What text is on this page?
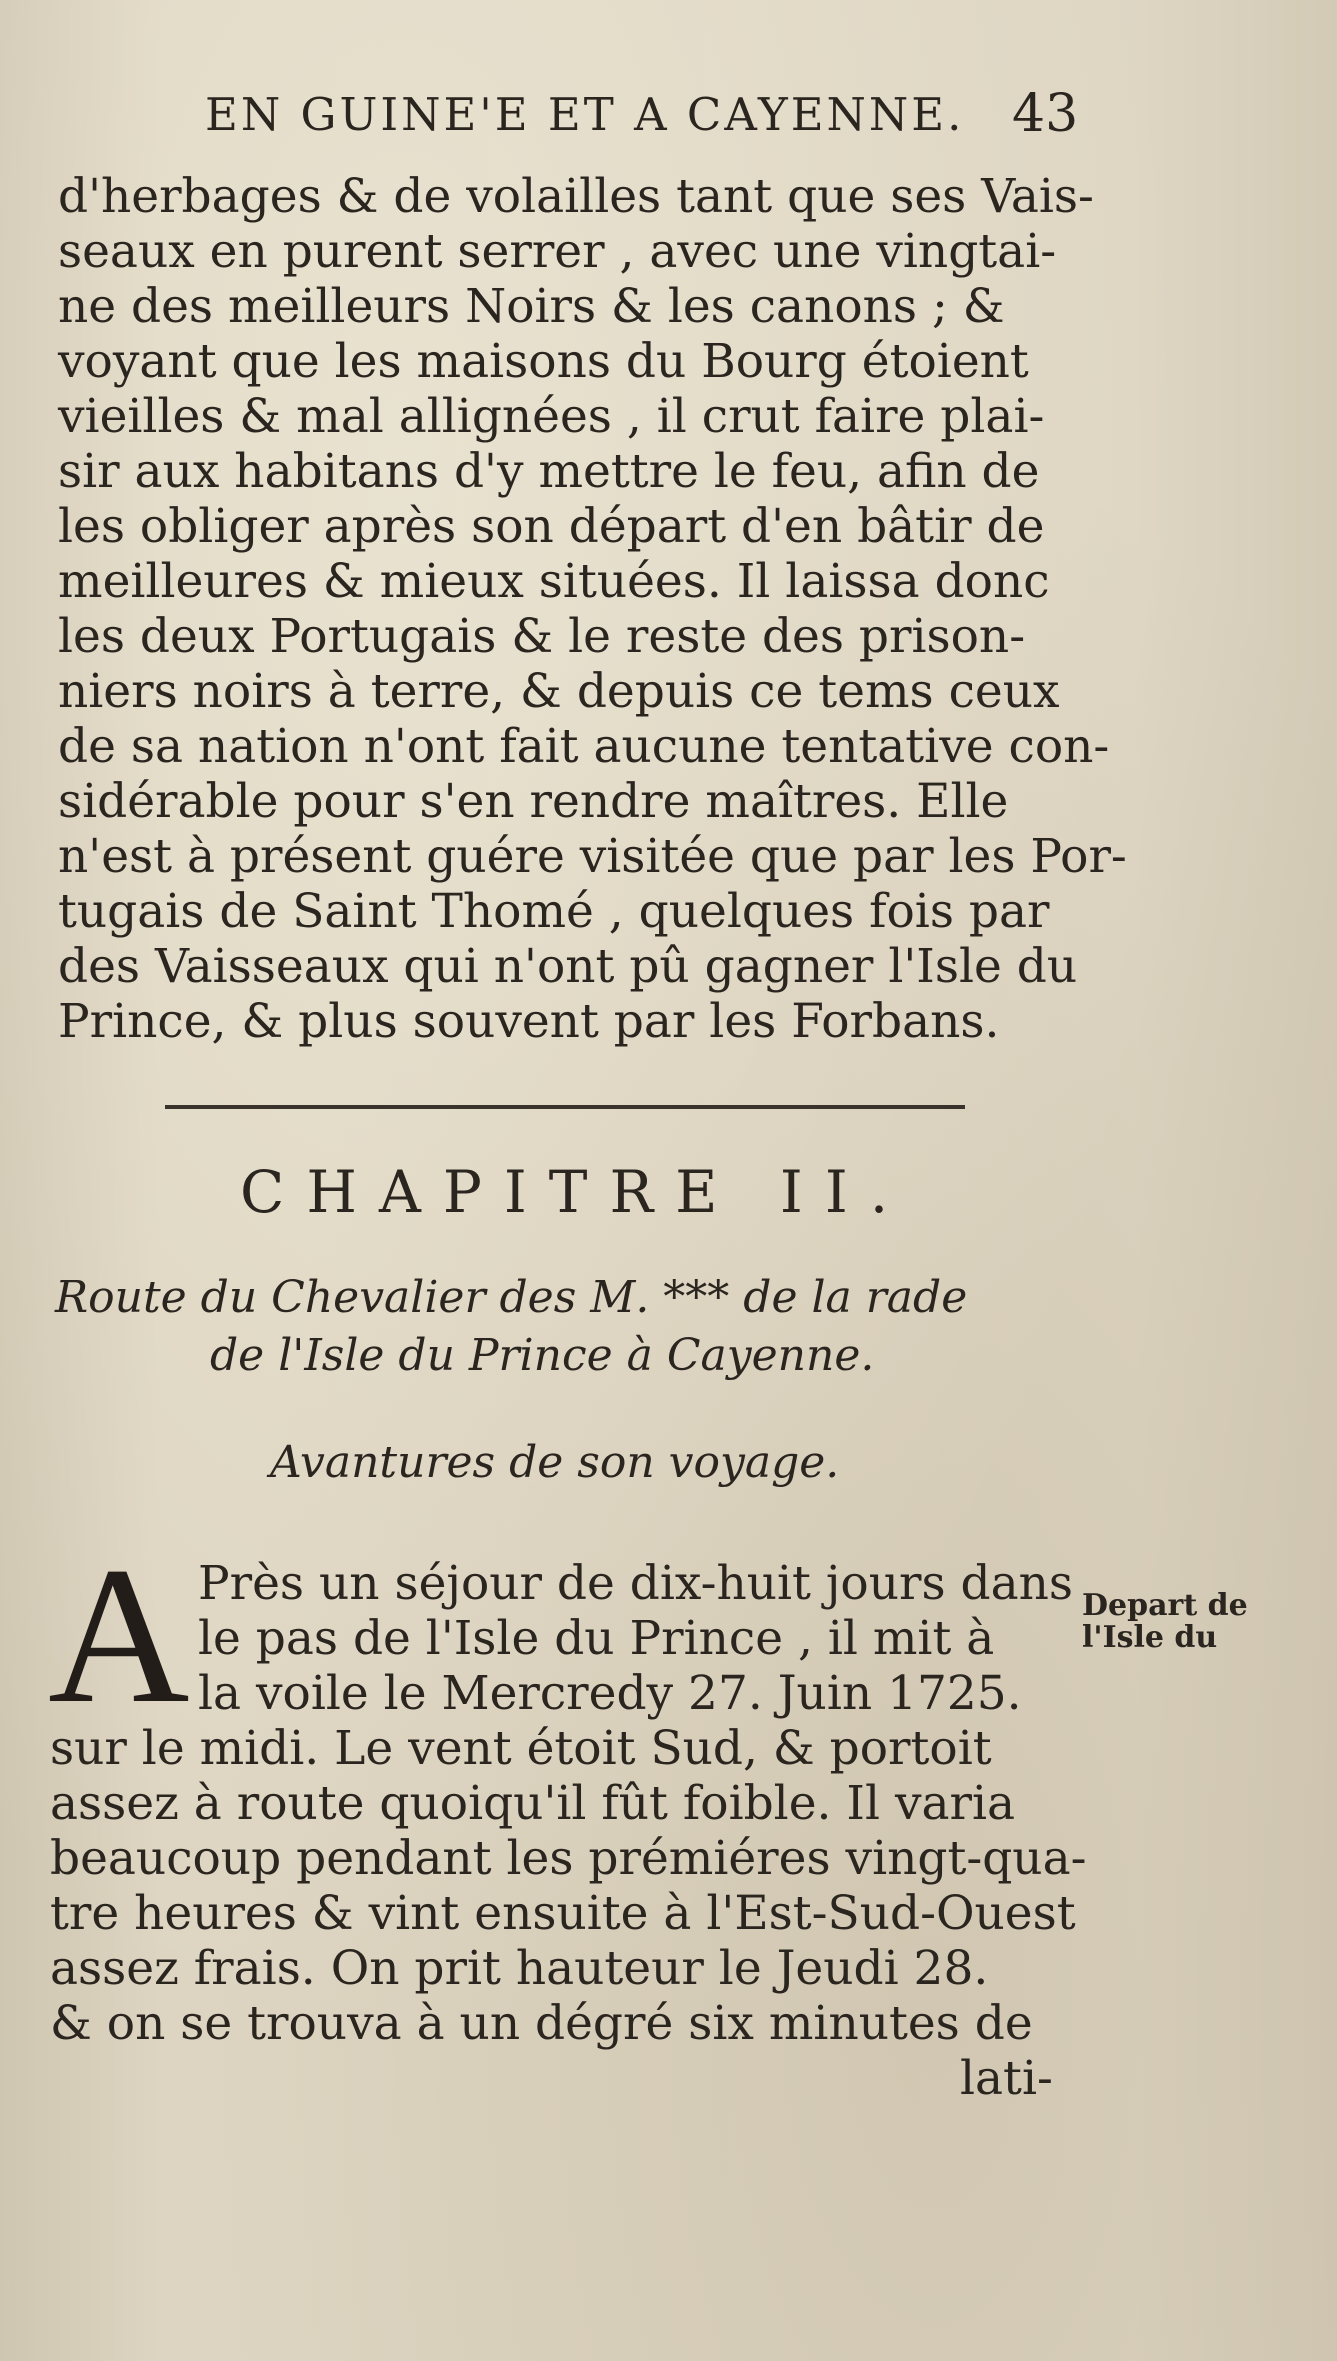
EN GUINE'E ET A CAYENNE. 43
d'herbages & de volailles tant que ses Vais-
seaux en purent serrer , avec une vingtai-
ne des meilleurs Noirs & les canons ; &
voyant que les maisons du Bourg étoient
vieilles & mal allignées , il crut faire plai-
sir aux habitans d'y mettre le feu, afin de
les obliger après son départ d'en bâtir de
meilleures & mieux situées. Il laissa donc
les deux Portugais & le reste des prison-
niers noirs à terre, & depuis ce tems ceux
de sa nation n'ont fait aucune tentative con-
sidérable pour s'en rendre maîtres. Elle
n'est à présent guére visitée que par les Por-
tugais de Saint Thomé , quelques fois par
des Vaisseaux qui n'ont pû gagner l'Isle du
Prince, & plus souvent par les Forbans.
CHAPITRE II.
Route du Chevalier des M. *** de la rade
de l'Isle du Prince à Cayenne.
Avantures de son voyage.
A Près un séjour de dix-huit jours dans
le pas de l'Isle du Prince , il mit à
la voile le Mercredy 27. Juin 1725.
sur le midi. Le vent étoit Sud, & portoit
assez à route quoiqu'il fût foible. Il varia
beaucoup pendant les prémiéres vingt-qua-
tre heures & vint ensuite à l'Est-Sud-Ouest
assez frais. On prit hauteur le Jeudi 28.
& on se trouva à un dégré six minutes de
lati-
Depart de
l'Isle du
